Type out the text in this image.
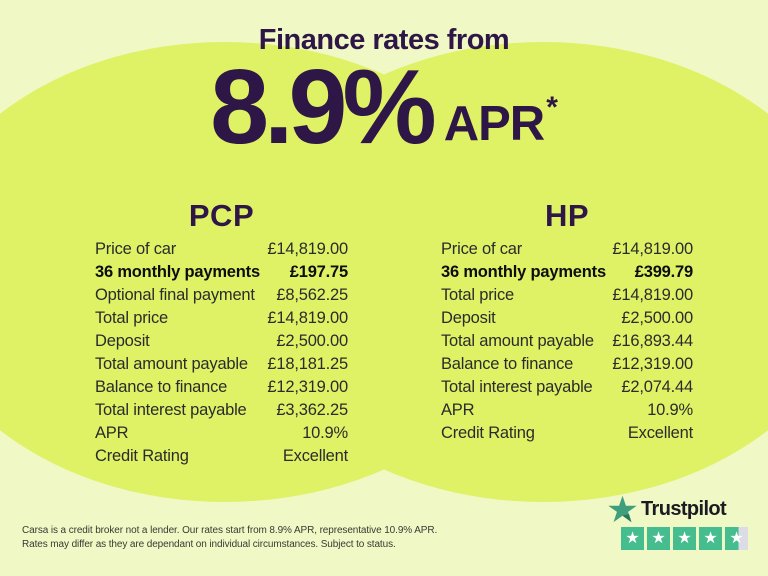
Finance rates from
8.9% APR*
PCP
Price of car	£14,819.00
36 monthly payments £197.75
Optional final payment £8,562.25
Total price	£14,819.00
Deposit	£2,500.00
Total amount payable £18,181.25
Balance to finance £12,319.00
Total interest payable £3,362.25
APR	10.9%
Credit Rating	Excellent
HP
Price of car	£14,819.00
36 monthly payments £399.79
Total price	£14,819.00
Deposit	£2,500.00
Total amount payable £16,893.44
Balance to finance £12,319.00
Total interest payable £2,074.44
APR	10.9%
Credit Rating	Excellent
Carsa is a credit broker not a lender. Our rates start from 8.9% APR, representative 10.9% APR.
Rates may differ as they are dependant on individual circumstances. Subject to status.
Trustpilot
★
★
★
★
★
